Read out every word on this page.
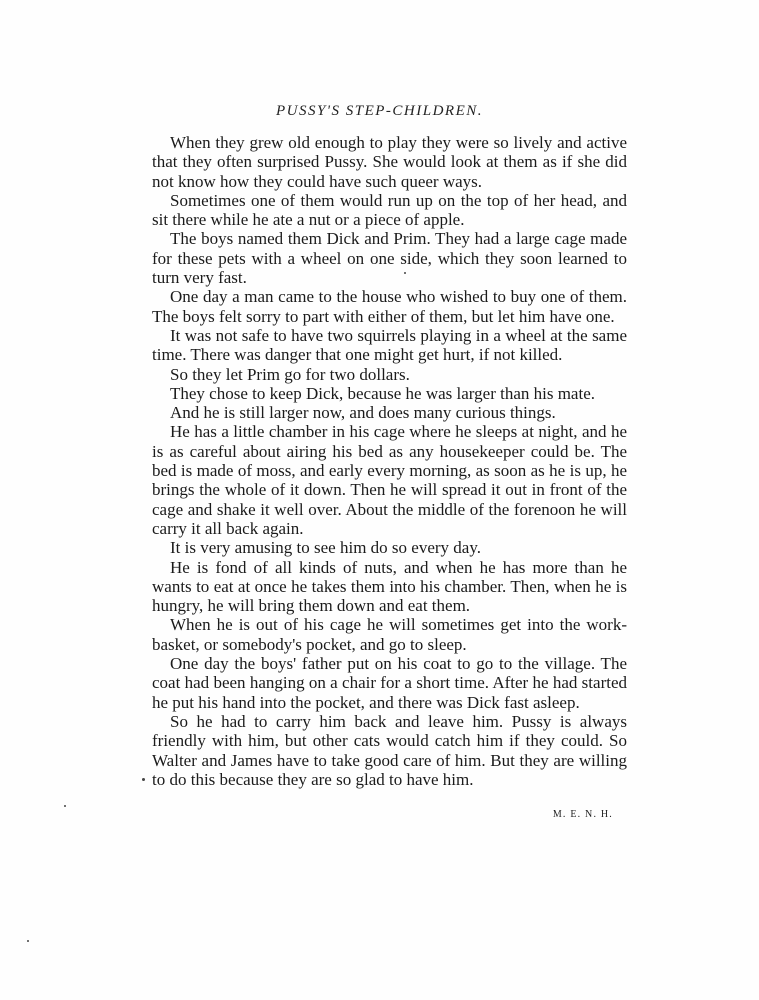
PUSSY'S STEP-CHILDREN.

When they grew old enough to play they were so lively and active that they often surprised Pussy. She would look at them as if she did not know how they could have such queer ways.

Sometimes one of them would run up on the top of her head, and sit there while he ate a nut or a piece of apple.

The boys named them Dick and Prim. They had a large cage made for these pets with a wheel on one side, which they soon learned to turn very fast.

One day a man came to the house who wished to buy one of them. The boys felt sorry to part with either of them, but let him have one.

It was not safe to have two squirrels playing in a wheel at the same time. There was danger that one might get hurt, if not killed.

So they let Prim go for two dollars.

They chose to keep Dick, because he was larger than his mate.

And he is still larger now, and does many curious things.

He has a little chamber in his cage where he sleeps at night, and he is as careful about airing his bed as any housekeeper could be. The bed is made of moss, and early every morning, as soon as he is up, he brings the whole of it down. Then he will spread it out in front of the cage and shake it well over. About the middle of the forenoon he will carry it all back again.

It is very amusing to see him do so every day.

He is fond of all kinds of nuts, and when he has more than he wants to eat at once he takes them into his chamber. Then, when he is hungry, he will bring them down and eat them.

When he is out of his cage he will sometimes get into the work-basket, or somebody's pocket, and go to sleep.

One day the boys' father put on his coat to go to the village. The coat had been hanging on a chair for a short time. After he had started he put his hand into the pocket, and there was Dick fast asleep.

So he had to carry him back and leave him. Pussy is always friendly with him, but other cats would catch him if they could. So Walter and James have to take good care of him. But they are willing to do this because they are so glad to have him.

M. E. N. H.
